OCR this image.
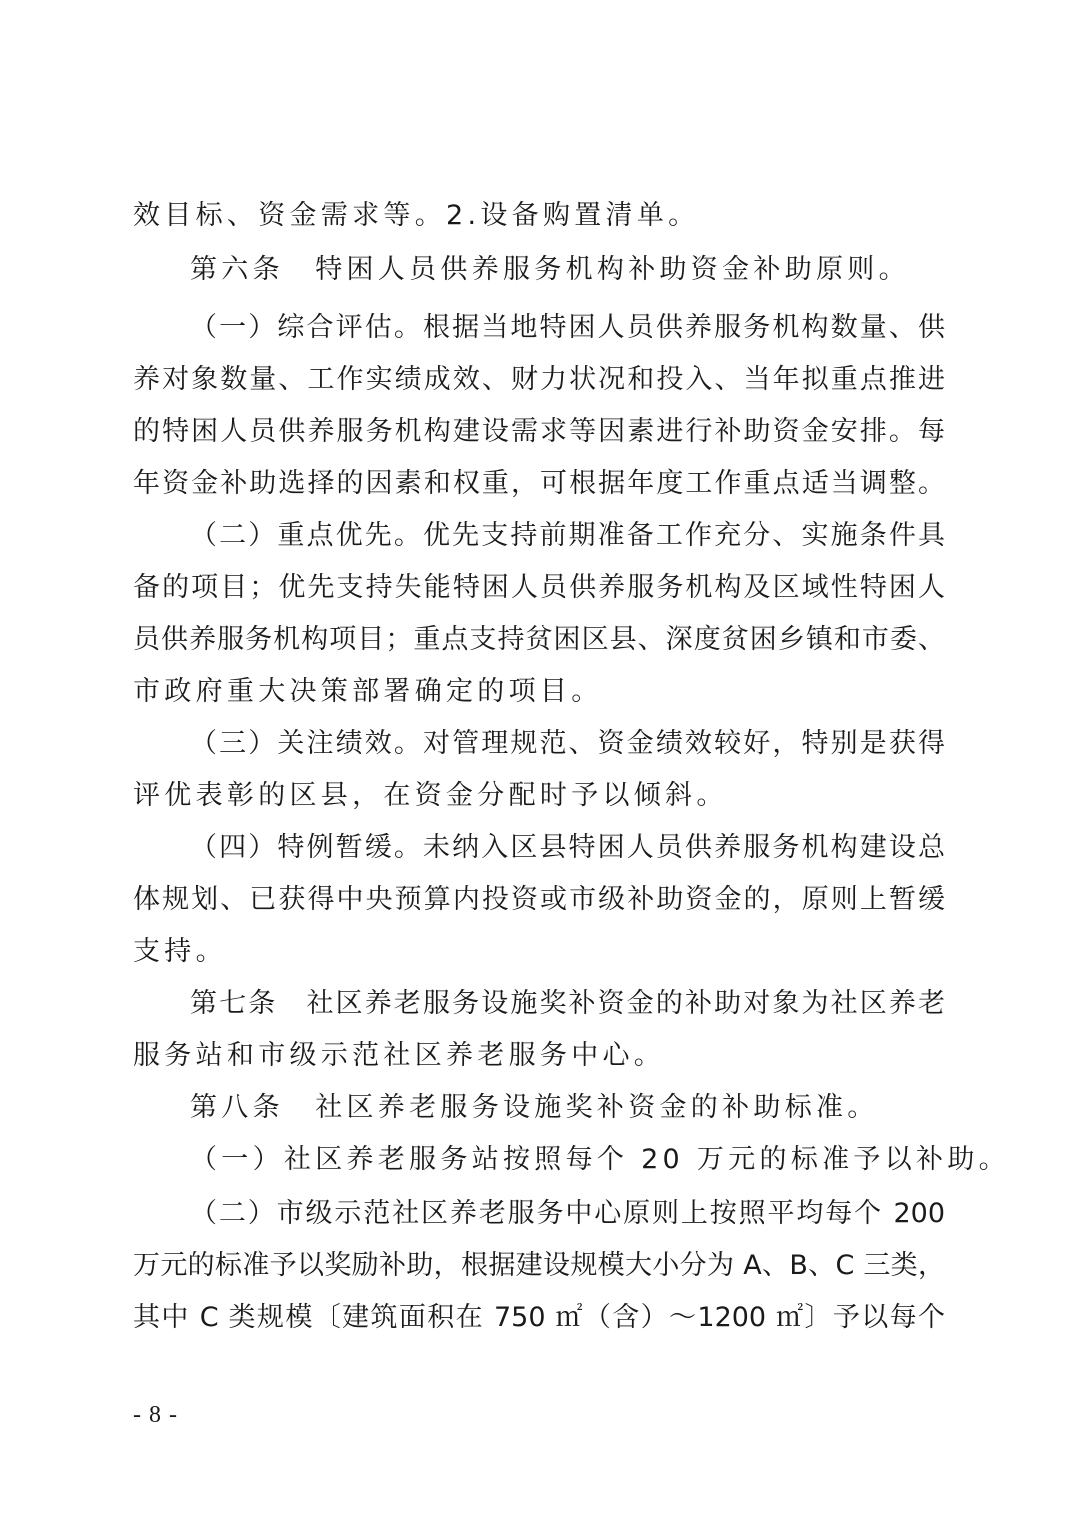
效目标、资金需求等。2.设备购置清单。
第六条　特困人员供养服务机构补助资金补助原则。
（一）综合评估。根据当地特困人员供养服务机构数量、供
养对象数量、工作实绩成效、财力状况和投入、当年拟重点推进
的特困人员供养服务机构建设需求等因素进行补助资金安排。每
年资金补助选择的因素和权重，可根据年度工作重点适当调整。
（二）重点优先。优先支持前期准备工作充分、实施条件具
备的项目；优先支持失能特困人员供养服务机构及区域性特困人
员供养服务机构项目；重点支持贫困区县、深度贫困乡镇和市委、
市政府重大决策部署确定的项目。
（三）关注绩效。对管理规范、资金绩效较好，特别是获得
评优表彰的区县，在资金分配时予以倾斜。
（四）特例暂缓。未纳入区县特困人员供养服务机构建设总
体规划、已获得中央预算内投资或市级补助资金的，原则上暂缓
支持。
第七条　社区养老服务设施奖补资金的补助对象为社区养老
服务站和市级示范社区养老服务中心。
第八条　社区养老服务设施奖补资金的补助标准。
（一）社区养老服务站按照每个 20 万元的标准予以补助。
（二）市级示范社区养老服务中心原则上按照平均每个 200
万元的标准予以奖励补助，根据建设规模大小分为 A、B、C 三类，
其中 C 类规模〔建筑面积在 750 ㎡（含）～1200 ㎡〕予以每个
- 8 -
